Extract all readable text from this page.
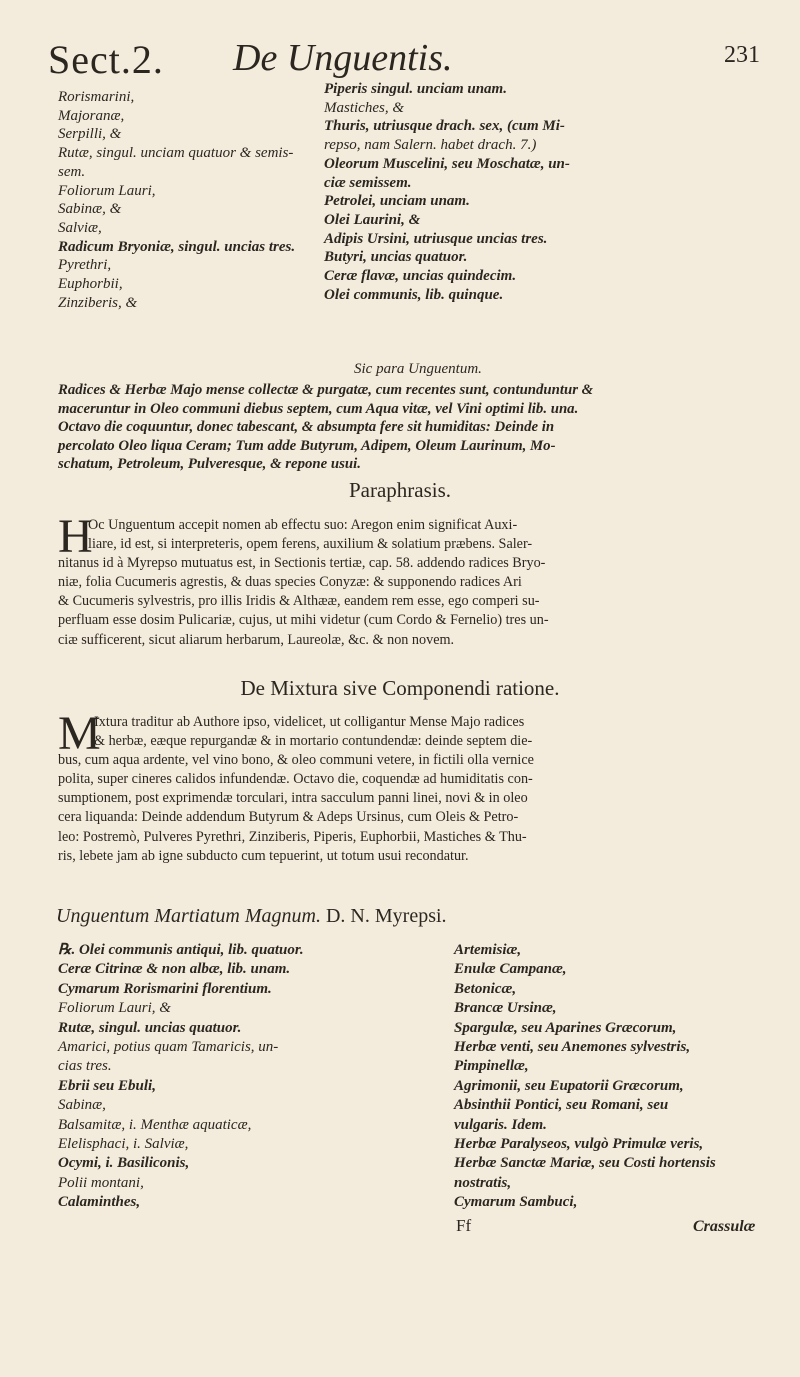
Sect.2. De Unguentis.	231
Rorismarini,
Majoranæ,
Serpilli, &
Rutæ, singul. unciam quatuor & semis-
sem.
Foliorum Lauri,
Sabinæ, &
Salviæ,
Radicum Bryoniæ, singul. uncias tres.
Pyrethri,
Euphorbii,
Zinziberis, &
Piperis singul. unciam unam.
Mastiches, &
Thuris, utriusque drach. sex, (cum Mi-
repso, nam Salern. habet drach. 7.)
Oleorum Muscelini, seu Moschatæ, un-
ciæ semissem.
Petrolei, unciam unam.
Olei Laurini, &
Adipis Ursini, utriusque uncias tres.
Butyri, uncias quatuor.
Ceræ flavæ, uncias quindecim.
Olei communis, lib. quinque.
Sic para Unguentum.
Radices & Herbæ Majo mense collectæ & purgatæ, cum recentes sunt, contunduntur &
maceruntur in Oleo communi diebus septem, cum Aqua vitæ, vel Vini optimi lib. una.
Octavo die coquuntur, donec tabescant, & absumpta fere sit humiditas: Deinde in
percolato Oleo liqua Ceram; Tum adde Butyrum, Adipem, Oleum Laurinum, Mo-
schatum, Petroleum, Pulveresque, & repone usui.
Paraphrasis.
H
Oc Unguentum accepit nomen ab effectu suo: Aregon enim significat Auxi-
liare, id est, si interpreteris, opem ferens, auxilium & solatium præbens. Saler-
nitanus id à Myrepso mutuatus est, in Sectionis tertiæ, cap. 58. addendo radices Bryo-
niæ, folia Cucumeris agrestis, & duas species Conyzæ: & supponendo radices Ari
& Cucumeris sylvestris, pro illis Iridis & Althææ, eandem rem esse, ego comperi su-
perfluam esse dosim Pulicariæ, cujus, ut mihi videtur (cum Cordo & Fernelio) tres un-
ciæ sufficerent, sicut aliarum herbarum, Laureolæ, &c. & non novem.
De Mixtura sive Componendi ratione.
M
Ixtura traditur ab Authore ipso, videlicet, ut colligantur Mense Majo radices
& herbæ, eæque repurgandæ & in mortario contundendæ: deinde septem die-
bus, cum aqua ardente, vel vino bono, & oleo communi vetere, in fictili olla vernice
polita, super cineres calidos infundendæ. Octavo die, coquendæ ad humiditatis con-
sumptionem, post exprimendæ torculari, intra sacculum panni linei, novi & in oleo
cera liquanda: Deinde addendum Butyrum & Adeps Ursinus, cum Oleis & Petro-
leo: Postremò, Pulveres Pyrethri, Zinziberis, Piperis, Euphorbii, Mastiches & Thu-
ris, lebete jam ab igne subducto cum tepuerint, ut totum usui recondatur.
Unguentum Martiatum Magnum. D. N. Myrepsi.
℞. Olei communis antiqui, lib. quatuor.
Ceræ Citrinæ & non albæ, lib. unam.
Cymarum Rorismarini florentium.
Foliorum Lauri, &
Rutæ, singul. uncias quatuor.
Amarici, potius quam Tamaricis, un-
cias tres.
Ebrii seu Ebuli,
Sabinæ,
Balsamitæ, i. Menthæ aquaticæ,
Elelisphaci, i. Salviæ,
Ocymi, i. Basiliconis,
Polii montani,
Calaminthes,
Artemisiæ,
Enulæ Campanæ,
Betonicæ,
Brancæ Ursinæ,
Spargulæ, seu Aparines Græcorum,
Herbæ venti, seu Anemones sylvestris,
Pimpinellæ,
Agrimonii, seu Eupatorii Græcorum,
Absinthii Pontici, seu Romani, seu
vulgaris. Idem.
Herbæ Paralyseos, vulgò Primulæ veris,
Herbæ Sanctæ Mariæ, seu Costi hortensis
nostratis,
Cymarum Sambuci,
Ff	Crassulæ
